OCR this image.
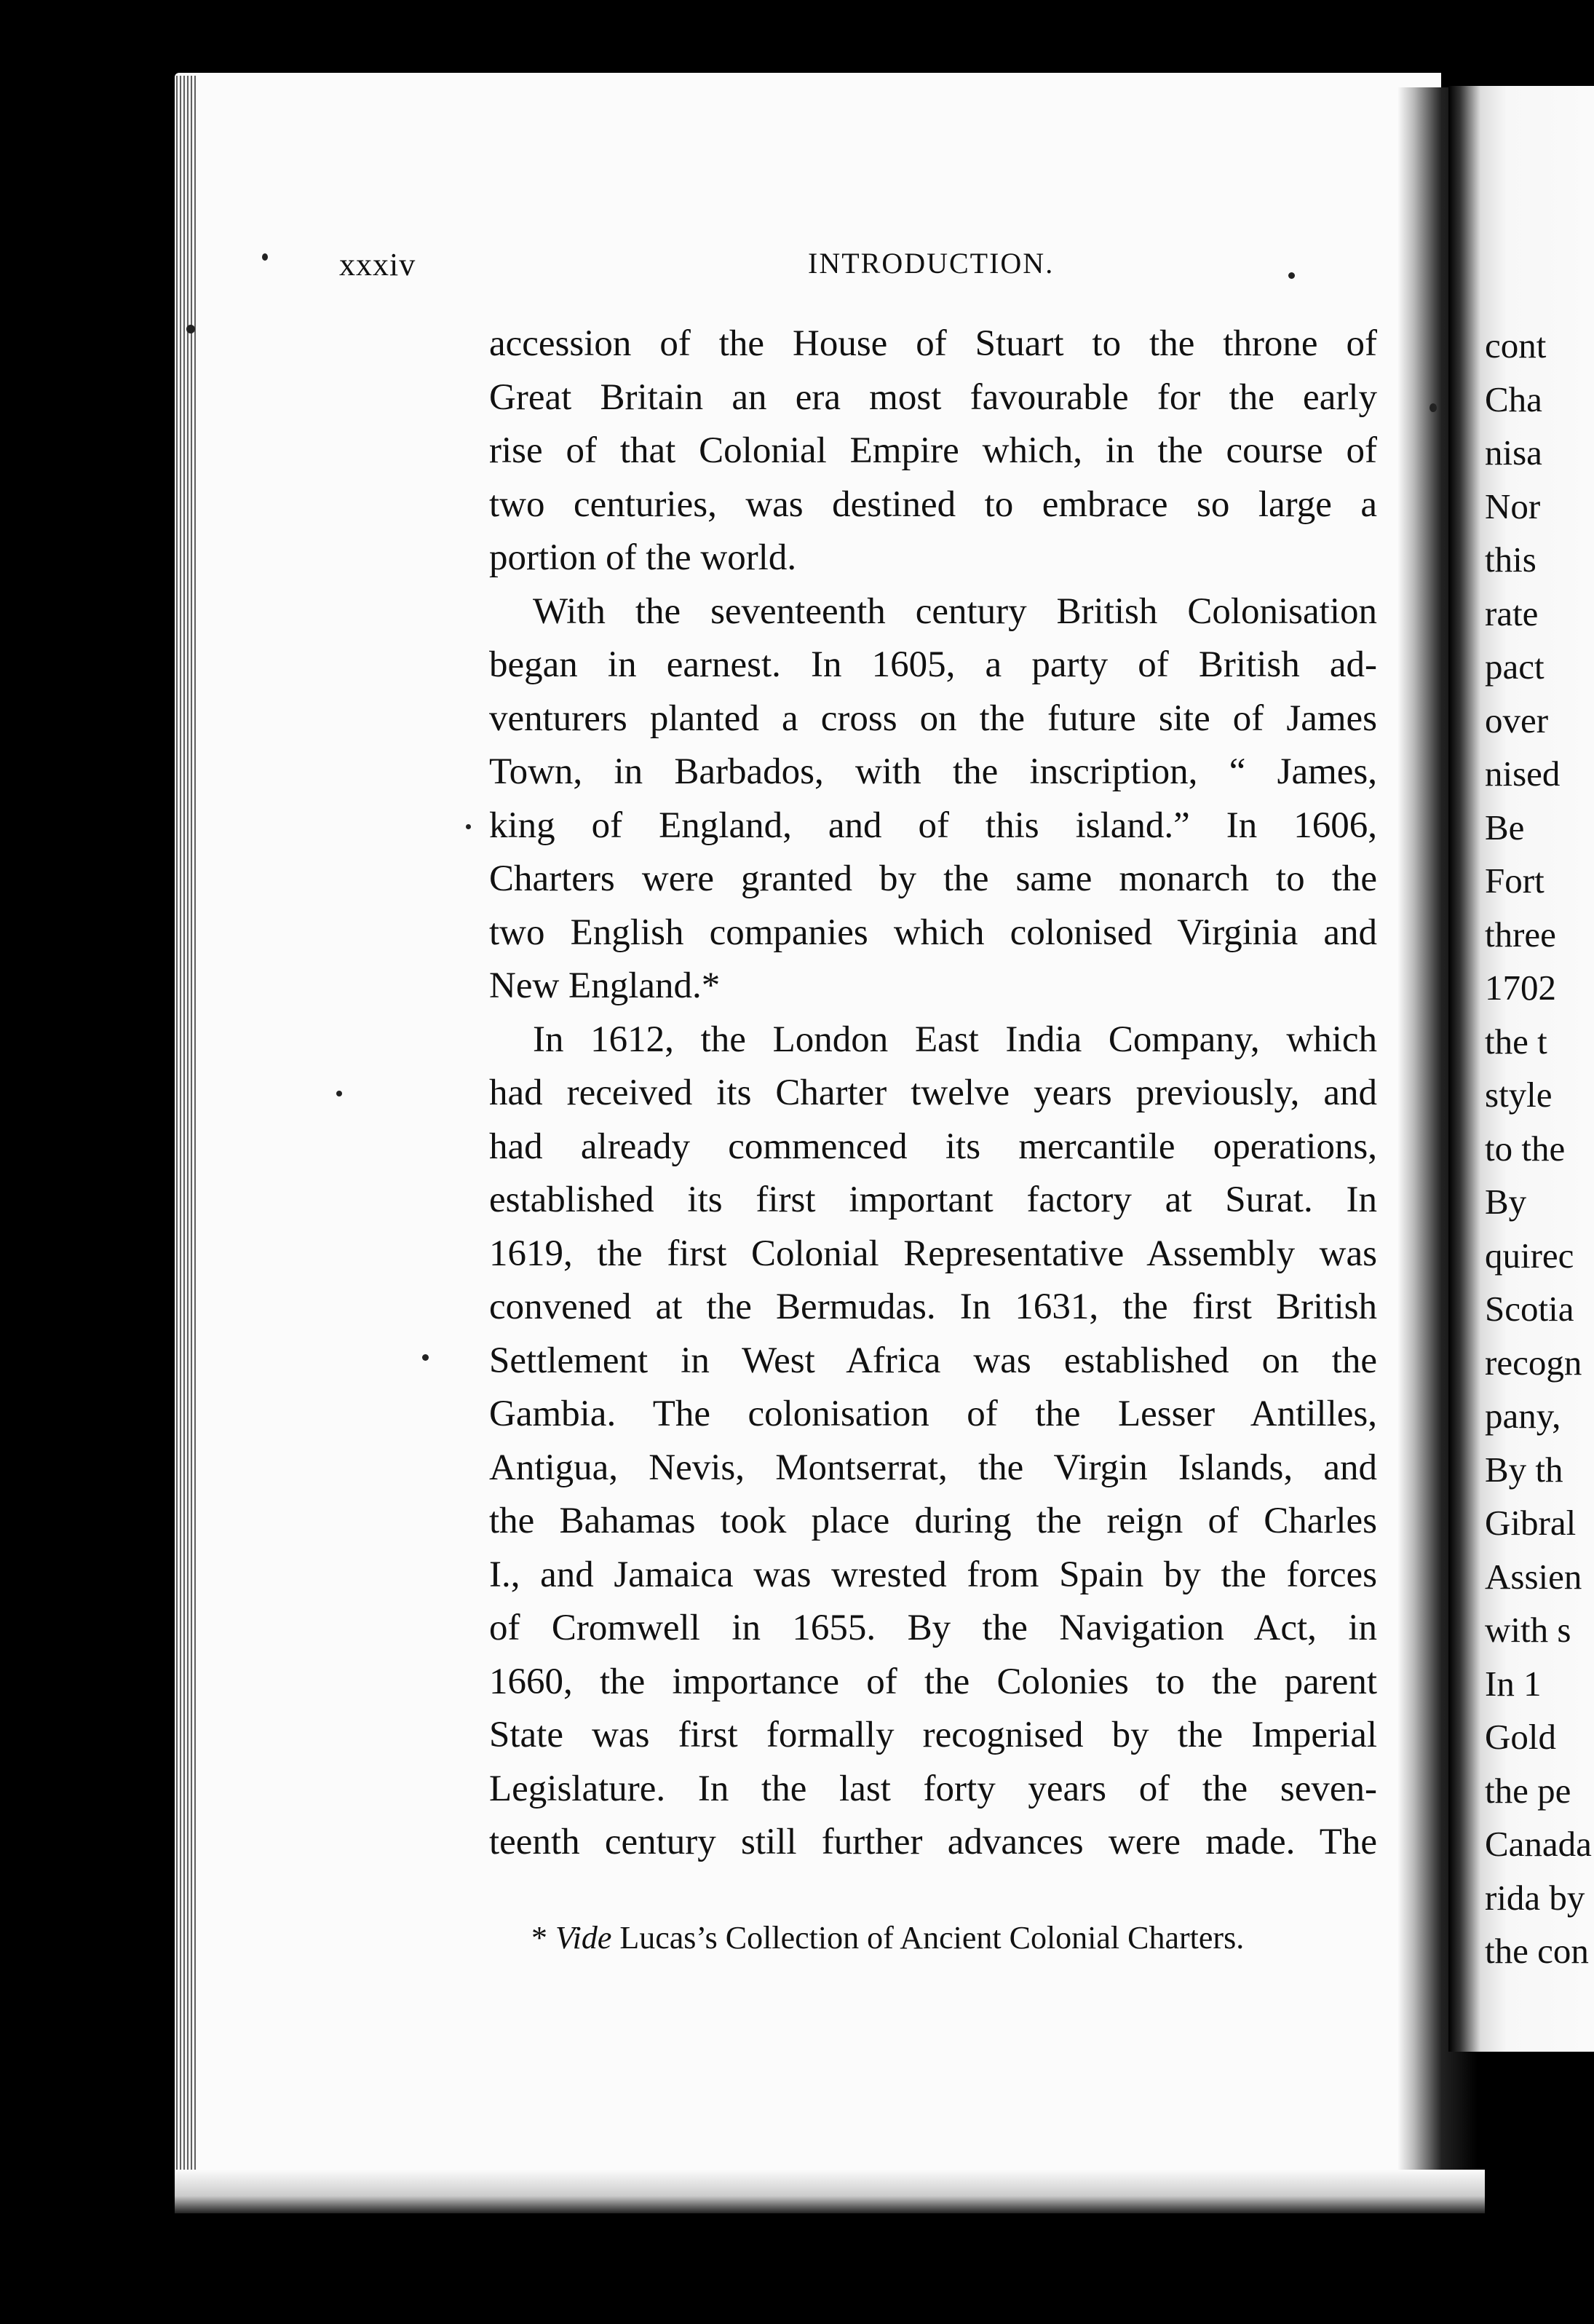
xxxiv	INTRODUCTION.
accession of the House of Stuart to the throne of
Great Britain an era most favourable for the early
rise of that Colonial Empire which, in the course of
two centuries, was destined to embrace so large a
portion of the world.
With the seventeenth century British Colonisation
began in earnest. In 1605, a party of British ad-
venturers planted a cross on the future site of James
Town, in Barbados, with the inscription, “ James,
king of England, and of this island.” In 1606,
Charters were granted by the same monarch to the
two English companies which colonised Virginia and
New England.*
In 1612, the London East India Company, which
had received its Charter twelve years previously, and
had already commenced its mercantile operations,
established its first important factory at Surat. In
1619, the first Colonial Representative Assembly was
convened at the Bermudas. In 1631, the first British
Settlement in West Africa was established on the
Gambia. The colonisation of the Lesser Antilles,
Antigua, Nevis, Montserrat, the Virgin Islands, and
the Bahamas took place during the reign of Charles
I., and Jamaica was wrested from Spain by the forces
of Cromwell in 1655. By the Navigation Act, in
1660, the importance of the Colonies to the parent
State was first formally recognised by the Imperial
Legislature. In the last forty years of the seven-
teenth century still further advances were made. The
* Vide Lucas’s Collection of Ancient Colonial Charters.
cont
Cha
nisa
Nor
this
rate
pact
over
nised
Be
Fort
three
1702
the t
style
to the
By
quirec
Scotia
recogn
pany,
By th
Gibral
Assien
with s
In 1
Gold
the pe
Canada
rida by
the con
